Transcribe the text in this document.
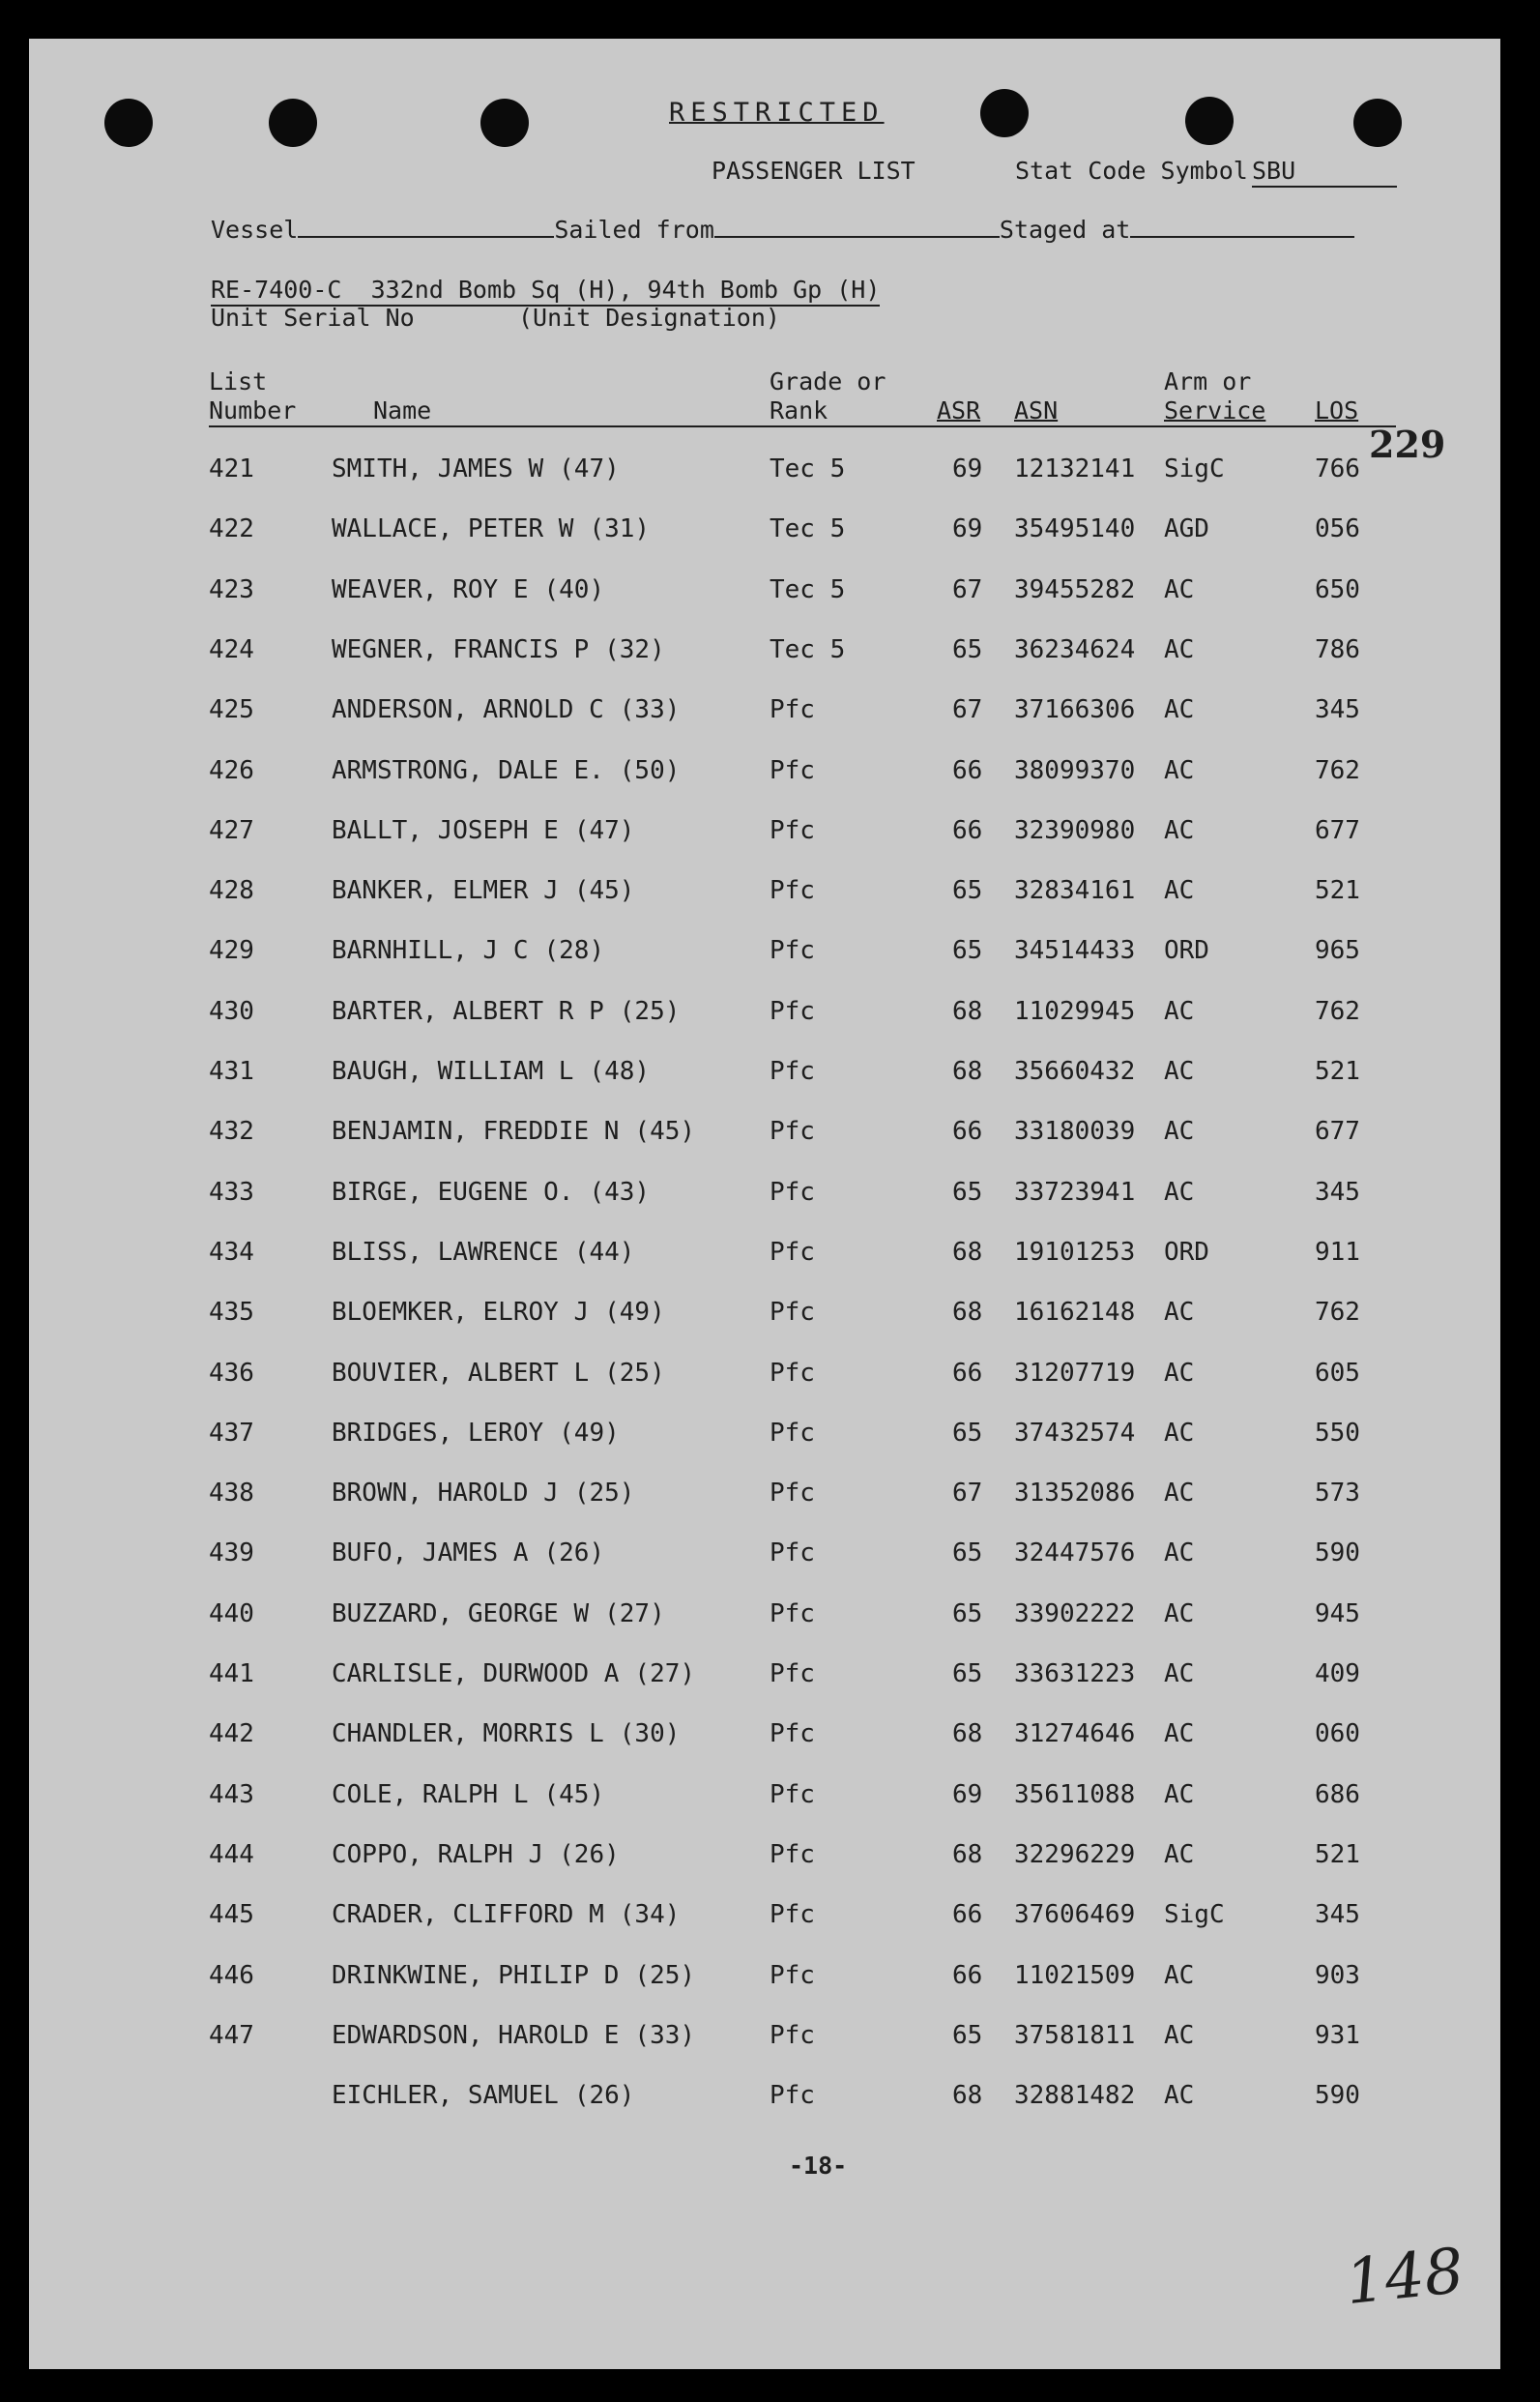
RESTRICTED
PASSENGER LIST	Stat Code Symbol SBU
Vessel	Sailed from	Staged at
RE-7400-C 332nd Bomb Sq (H), 94th Bomb Gp (H)
Unit Serial No	(Unit Designation)
List
Number	Name
Grade or
Rank	ASR ASN
Arm or
Service LOS
421	SMITH, JAMES W (47)	Tec 5	69 12132141 SigC	766
422	WALLACE, PETER W (31)	Tec 5	69 35495140 AGD	056
423	WEAVER, ROY E (40)	Tec 5	67 39455282 AC	650
424	WEGNER, FRANCIS P (32)	Tec 5	65 36234624 AC	786
425	ANDERSON, ARNOLD C (33)	Pfc	67 37166306 AC	345
426	ARMSTRONG, DALE E. (50)	Pfc	66 38099370 AC	762
427	BALLT, JOSEPH E (47)	Pfc	66 32390980 AC	677
428	BANKER, ELMER J (45)	Pfc	65 32834161 AC	521
429	BARNHILL, J C (28)	Pfc	65 34514433 ORD	965
430	BARTER, ALBERT R P (25)	Pfc	68 11029945 AC	762
431	BAUGH, WILLIAM L (48)	Pfc	68 35660432 AC	521
432	BENJAMIN, FREDDIE N (45)	Pfc	66 33180039 AC	677
433	BIRGE, EUGENE O. (43)	Pfc	65 33723941 AC	345
434	BLISS, LAWRENCE (44)	Pfc	68 19101253 ORD	911
435	BLOEMKER, ELROY J (49)	Pfc	68 16162148 AC	762
436	BOUVIER, ALBERT L (25)	Pfc	66 31207719 AC	605
437	BRIDGES, LEROY (49)	Pfc	65 37432574 AC	550
438	BROWN, HAROLD J (25)	Pfc	67 31352086 AC	573
439	BUFO, JAMES A (26)	Pfc	65 32447576 AC	590
440	BUZZARD, GEORGE W (27)	Pfc	65 33902222 AC	945
441	CARLISLE, DURWOOD A (27)	Pfc	65 33631223 AC	409
442	CHANDLER, MORRIS L (30)	Pfc	68 31274646 AC	060
443	COLE, RALPH L (45)	Pfc	69 35611088 AC	686
444	COPPO, RALPH J (26)	Pfc	68 32296229 AC	521
445	CRADER, CLIFFORD M (34)	Pfc	66 37606469 SigC	345
446	DRINKWINE, PHILIP D (25)	Pfc	66 11021509 AC	903
447	EDWARDSON, HAROLD E (33)	Pfc	65 37581811 AC	931
EICHLER, SAMUEL (26)	Pfc	68 32881482 AC	590
229
-18-
148
